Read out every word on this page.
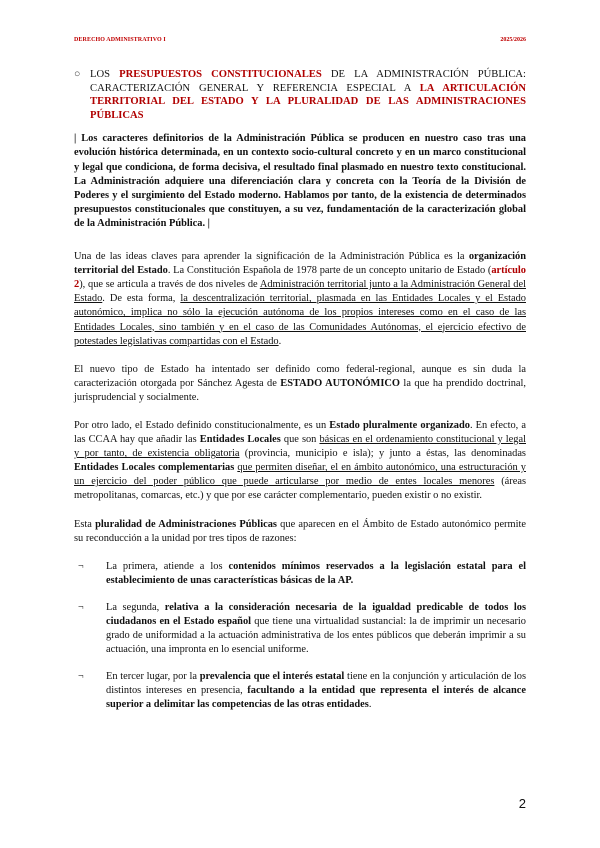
DERECHO ADMINISTRATIVO I	2025/2026
○ LOS PRESUPUESTOS CONSTITUCIONALES DE LA ADMINISTRACIÓN PÚBLICA: CARACTERIZACIÓN GENERAL Y REFERENCIA ESPECIAL A LA ARTICULACIÓN TERRITORIAL DEL ESTADO Y LA PLURALIDAD DE LAS ADMINISTRACIONES PÚBLICAS
| Los caracteres definitorios de la Administración Pública se producen en nuestro caso tras una evolución histórica determinada, en un contexto socio-cultural concreto y en un marco constitucional y legal que condiciona, de forma decisiva, el resultado final plasmado en nuestro texto constitucional. La Administración adquiere una diferenciación clara y concreta con la Teoría de la División de Poderes y el surgimiento del Estado moderno. Hablamos por tanto, de la existencia de determinados presupuestos constitucionales que constituyen, a su vez, fundamentación de la caracterización global de la Administración Pública. |

Una de las ideas claves para aprender la significación de la Administración Pública es la organización territorial del Estado. La Constitución Española de 1978 parte de un concepto unitario de Estado (artículo 2), que se articula a través de dos niveles de Administración territorial junto a la Administración General del Estado. De esta forma, la descentralización territorial, plasmada en las Entidades Locales y el Estado autonómico, implica no sólo la ejecución autónoma de los propios intereses como en el caso de las Entidades Locales, sino también y en el caso de las Comunidades Autónomas, el ejercicio efectivo de potestades legislativas compartidas con el Estado.

El nuevo tipo de Estado ha intentado ser definido como federal-regional, aunque es sin duda la caracterización otorgada por Sánchez Agesta de ESTADO AUTONÓMICO la que ha prendido doctrinal, jurisprudencial y socialmente.

Por otro lado, el Estado definido constitucionalmente, es un Estado pluralmente organizado. En efecto, a las CCAA hay que añadir las Entidades Locales que son básicas en el ordenamiento constitucional y legal y por tanto, de existencia obligatoria (provincia, municipio e isla); y junto a éstas, las denominadas Entidades Locales complementarias que permiten diseñar, el en ámbito autonómico, una estructuración y un ejercicio del poder público que puede articularse por medio de entes locales menores (áreas metropolitanas, comarcas, etc.) y que por ese carácter complementario, pueden existir o no existir.

Esta pluralidad de Administraciones Públicas que aparecen en el Ámbito de Estado autonómico permite su reconducción a la unidad por tres tipos de razones:

¬ La primera, atiende a los contenidos mínimos reservados a la legislación estatal para el establecimiento de unas características básicas de la AP.
¬ La segunda, relativa a la consideración necesaria de la igualdad predicable de todos los ciudadanos en el Estado español que tiene una virtualidad sustancial: la de imprimir un necesario grado de uniformidad a la actuación administrativa de los entes públicos que deberán imprimir a su actuación, una impronta en lo esencial uniforme.
¬ En tercer lugar, por la prevalencia que el interés estatal tiene en la conjunción y articulación de los distintos intereses en presencia, facultando a la entidad que representa el interés de alcance superior a delimitar las competencias de las otras entidades.
2
